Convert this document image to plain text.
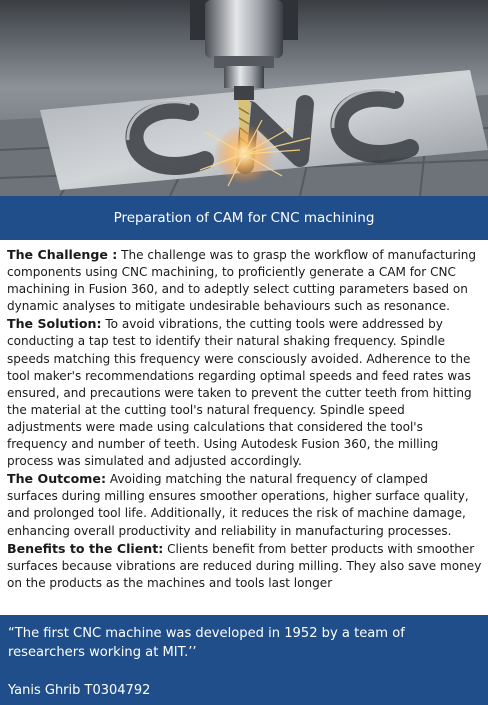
Preparation of CAM for CNC machining

The Challenge : The challenge was to grasp the workflow of manufacturing components using CNC machining, to proficiently generate a CAM for CNC machining in Fusion 360, and to adeptly select cutting parameters based on dynamic analyses to mitigate undesirable behaviours such as resonance.

The Solution: To avoid vibrations, the cutting tools were addressed by conducting a tap test to identify their natural shaking frequency. Spindle speeds matching this frequency were consciously avoided. Adherence to the tool maker's recommendations regarding optimal speeds and feed rates was ensured, and precautions were taken to prevent the cutter teeth from hitting the material at the cutting tool's natural frequency. Spindle speed adjustments were made using calculations that considered the tool's frequency and number of teeth. Using Autodesk Fusion 360, the milling process was simulated and adjusted accordingly.

The Outcome: Avoiding matching the natural frequency of clamped surfaces during milling ensures smoother operations, higher surface quality, and prolonged tool life. Additionally, it reduces the risk of machine damage, enhancing overall productivity and reliability in manufacturing processes.

Benefits to the Client: Clients benefit from better products with smoother surfaces because vibrations are reduced during milling. They also save money on the products as the machines and tools last longer

“The first CNC machine was developed in 1952 by a team of researchers working at MIT.’’

Yanis Ghrib T0304792
